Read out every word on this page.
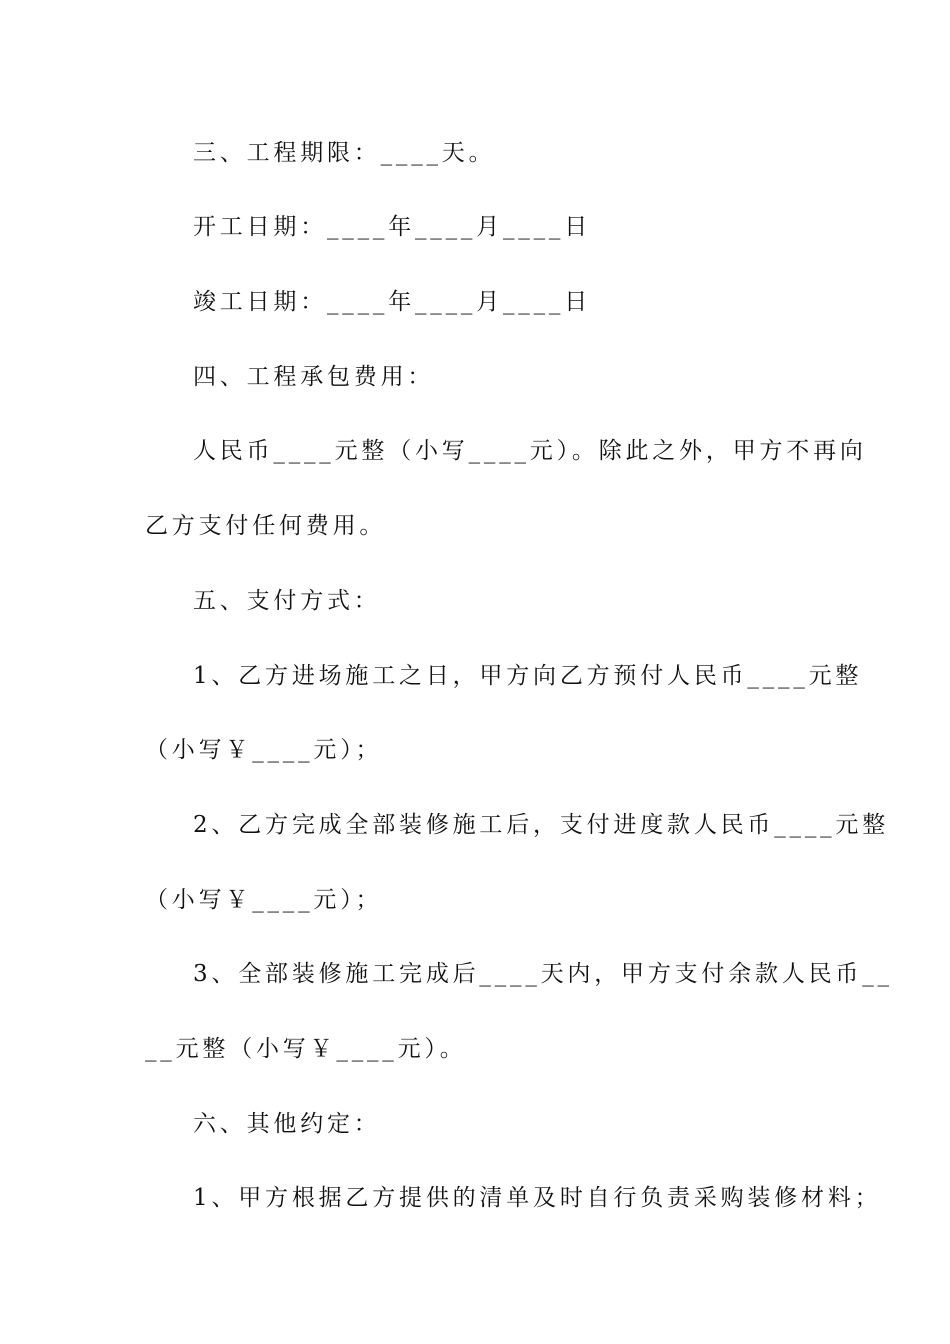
三、工程期限：____天。
开工日期：____年____月____日
竣工日期：____年____月____日
四、工程承包费用：
人民币____元整（小写____元）。除此之外，甲方不再向
乙方支付任何费用。
五、支付方式：
1、乙方进场施工之日，甲方向乙方预付人民币____元整
（小写￥____元）；
2、乙方完成全部装修施工后，支付进度款人民币____元整
（小写￥____元）；
3、全部装修施工完成后____天内，甲方支付余款人民币__
__元整（小写￥____元）。
六、其他约定：
1、甲方根据乙方提供的清单及时自行负责采购装修材料；
